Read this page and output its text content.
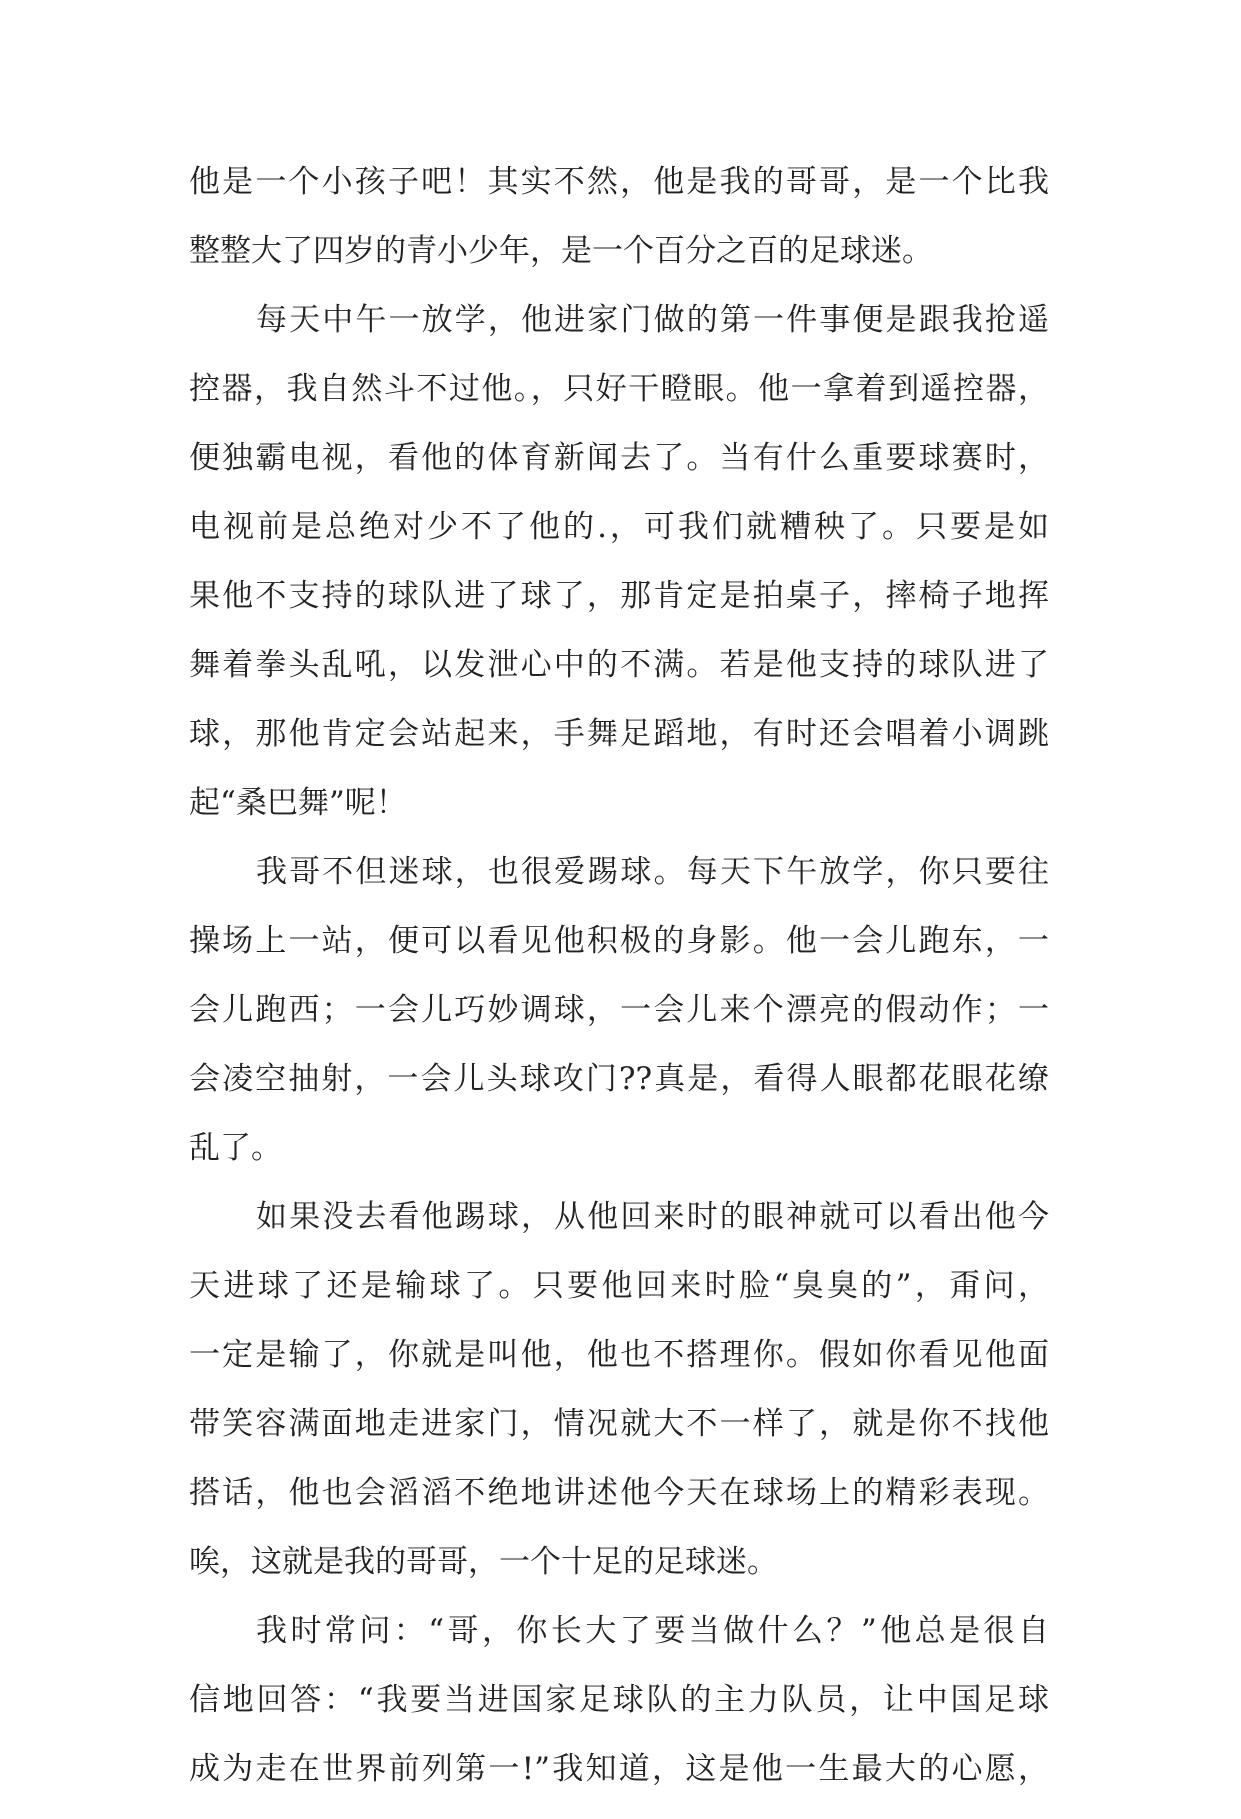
他是一个小孩子吧！其实不然，他是我的哥哥，是一个比我
整整大了四岁的青小少年，是一个百分之百的足球迷。
每天中午一放学，他进家门做的第一件事便是跟我抢遥
控器，我自然斗不过他。，只好干瞪眼。他一拿着到遥控器，
便独霸电视，看他的体育新闻去了。当有什么重要球赛时，
电视前是总绝对少不了他的.，可我们就糟秧了。只要是如
果他不支持的球队进了球了，那肯定是拍桌子，摔椅子地挥
舞着拳头乱吼，以发泄心中的不满。若是他支持的球队进了
球，那他肯定会站起来，手舞足蹈地，有时还会唱着小调跳
起“桑巴舞”呢！
我哥不但迷球，也很爱踢球。每天下午放学，你只要往
操场上一站，便可以看见他积极的身影。他一会儿跑东，一
会儿跑西；一会儿巧妙调球，一会儿来个漂亮的假动作；一
会凌空抽射，一会儿头球攻门??真是，看得人眼都花眼花缭
乱了。
如果没去看他踢球，从他回来时的眼神就可以看出他今
天进球了还是输球了。只要他回来时脸“臭臭的”，甭问，
一定是输了，你就是叫他，他也不搭理你。假如你看见他面
带笑容满面地走进家门，情况就大不一样了，就是你不找他
搭话，他也会滔滔不绝地讲述他今天在球场上的精彩表现。
唉，这就是我的哥哥，一个十足的足球迷。
我时常问：“哥，你长大了要当做什么？”他总是很自
信地回答：“我要当进国家足球队的主力队员，让中国足球
成为走在世界前列第一!”我知道，这是他一生最大的心愿，
